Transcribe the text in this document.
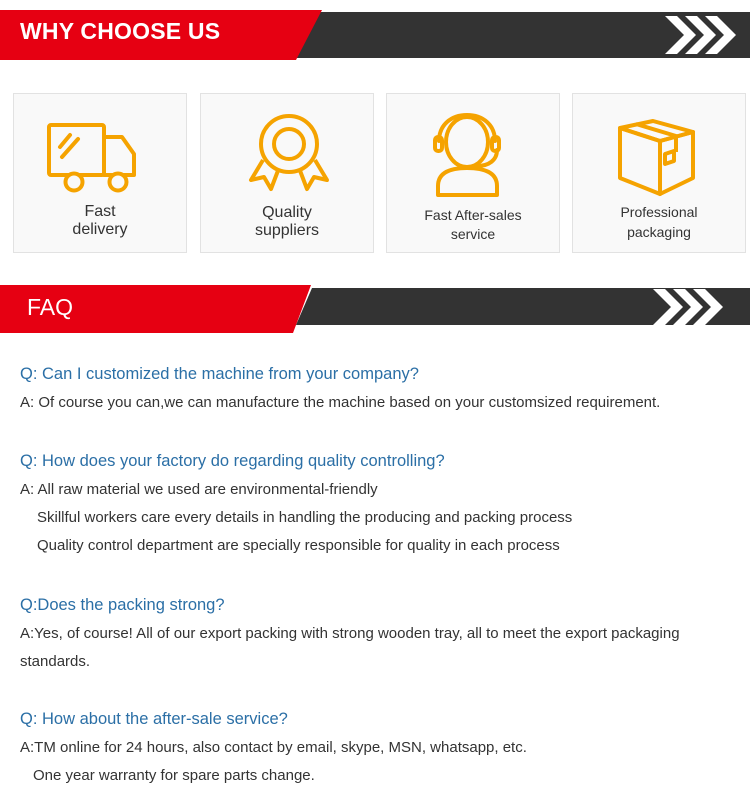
WHY CHOOSE US
Fast
delivery
Quality
suppliers
Fast After-sales
service
Professional
packaging
FAQ
Q: Can I customized the machine from your company?
A: Of course you can,we can manufacture the machine based on your customsized requirement.
Q: How does your factory do regarding quality controlling?
A: All raw material we used are environmental-friendly
Skillful workers care every details in handling the producing and packing process
Quality control department are specially responsible for quality in each process
Q:Does the packing strong?
A:Yes, of course! All of our export packing with strong wooden tray, all to meet the export packaging standards.
Q: How about the after-sale service?
A:TM online for 24 hours, also contact by email, skype, MSN, whatsapp, etc.
One year warranty for spare parts change.
